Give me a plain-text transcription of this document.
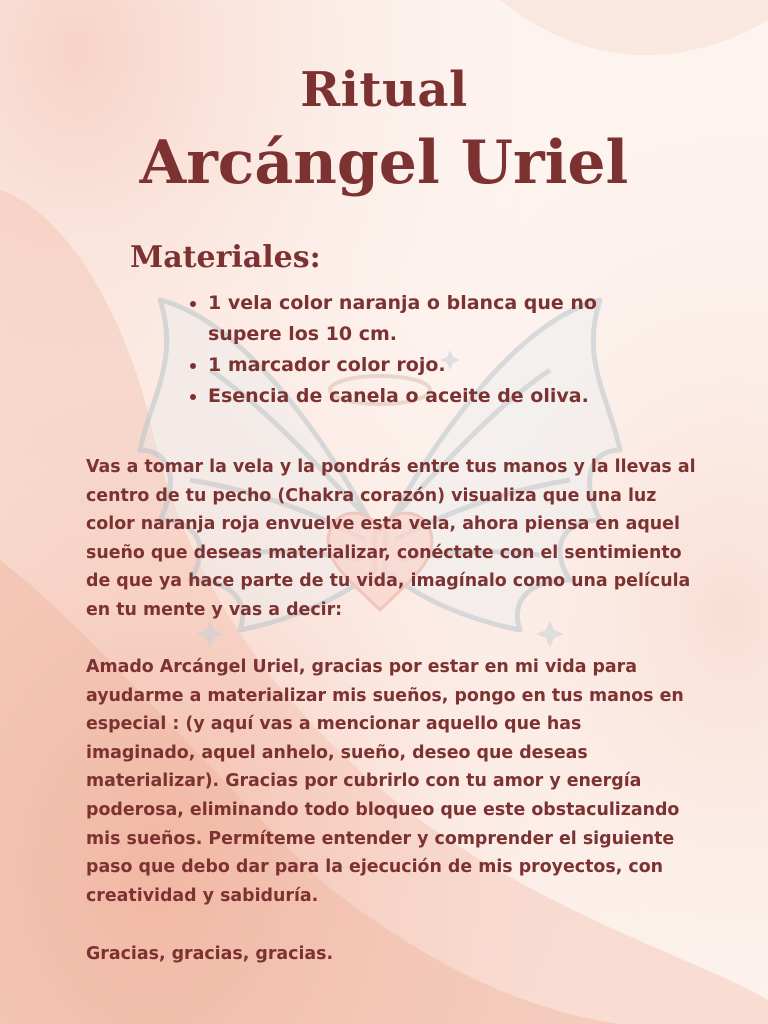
Ritual
Arcángel Uriel
Materiales:
• 1 vela color naranja o blanca que no supere los 10 cm.
• 1 marcador color rojo.
• Esencia de canela o aceite de oliva.

Vas a tomar la vela y la pondrás entre tus manos y la llevas al centro de tu pecho (Chakra corazón) visualiza que una luz color naranja roja envuelve esta vela, ahora piensa en aquel sueño que deseas materializar, conéctate con el sentimiento de que ya hace parte de tu vida, imagínalo como una película en tu mente y vas a decir:

Amado Arcángel Uriel, gracias por estar en mi vida para ayudarme a materializar mis sueños, pongo en tus manos en especial : (y aquí vas a mencionar aquello que has imaginado, aquel anhelo, sueño, deseo que deseas materializar). Gracias por cubrirlo con tu amor y energía poderosa, eliminando todo bloqueo que este obstaculizando mis sueños. Permíteme entender y comprender el siguiente paso que debo dar para la ejecución de mis proyectos, con creatividad y sabiduría.

Gracias, gracias, gracias.
